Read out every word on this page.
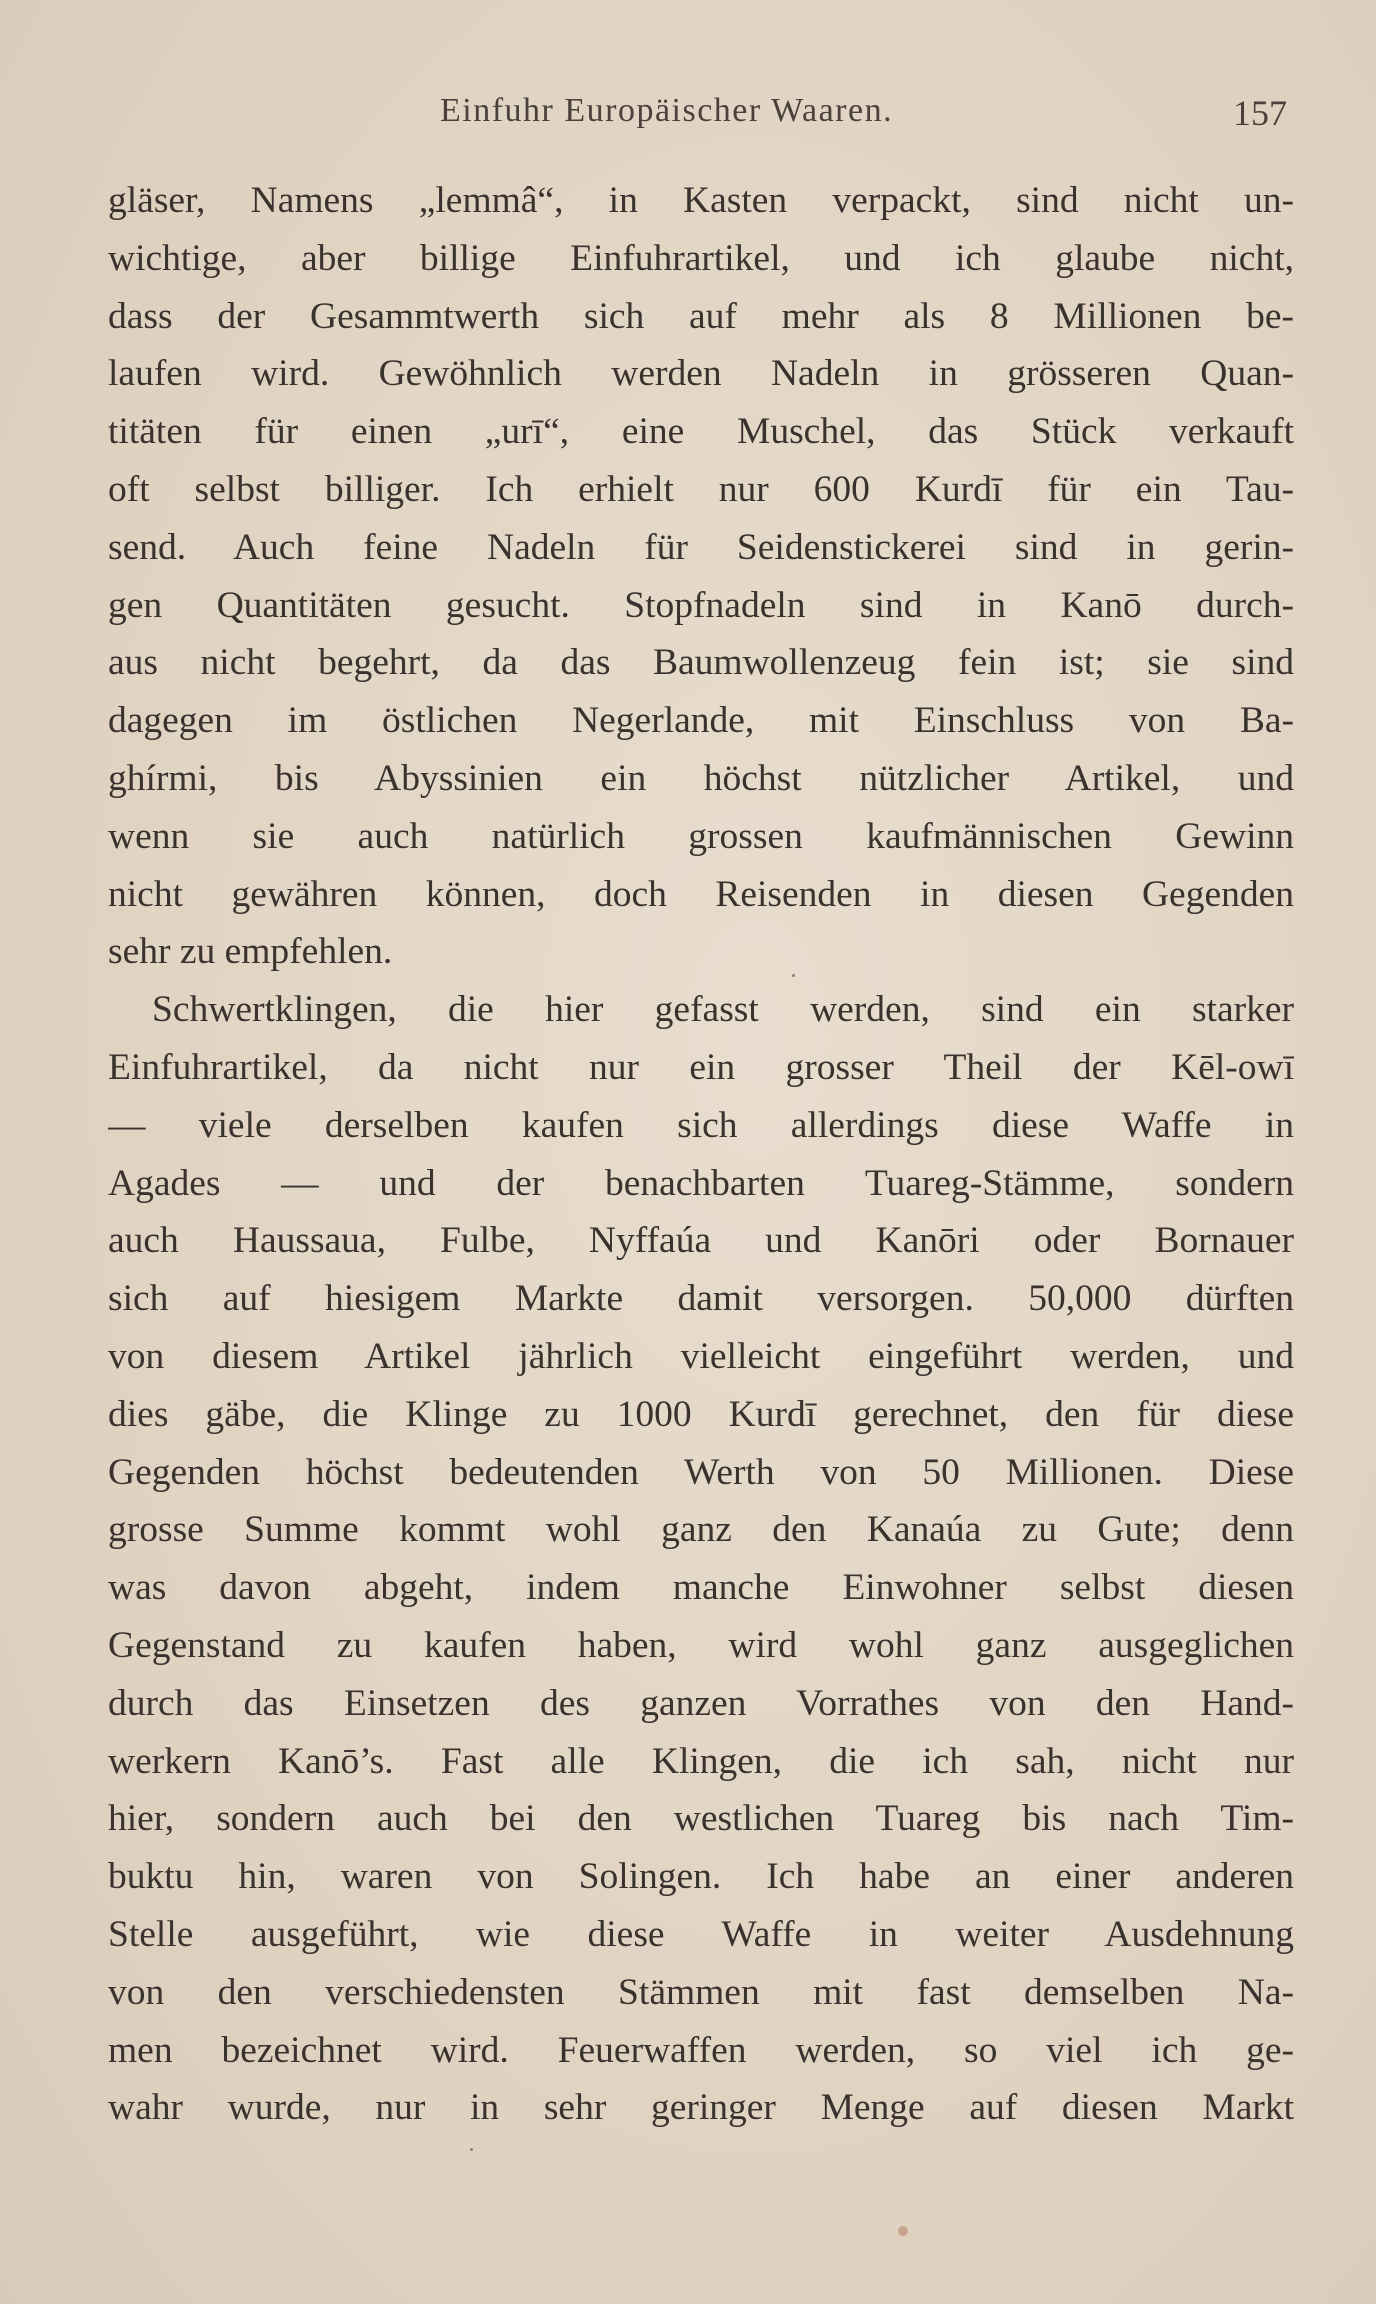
Einfuhr Europäischer Waaren.	157
gläser, Namens „lemmâ“, in Kasten verpackt, sind nicht un-
wichtige, aber billige Einfuhrartikel, und ich glaube nicht,
dass der Gesammtwerth sich auf mehr als 8 Millionen be-
laufen wird. Gewöhnlich werden Nadeln in grösseren Quan-
titäten für einen „urī“, eine Muschel, das Stück verkauft
oft selbst billiger. Ich erhielt nur 600 Kurdī für ein Tau-
send. Auch feine Nadeln für Seidenstickerei sind in gerin-
gen Quantitäten gesucht. Stopfnadeln sind in Kanō durch-
aus nicht begehrt, da das Baumwollenzeug fein ist; sie sind
dagegen im östlichen Negerlande, mit Einschluss von Ba-
ghírmi, bis Abyssinien ein höchst nützlicher Artikel, und
wenn sie auch natürlich grossen kaufmännischen Gewinn
nicht gewähren können, doch Reisenden in diesen Gegenden
sehr zu empfehlen.
Schwertklingen, die hier gefasst werden, sind ein starker
Einfuhrartikel, da nicht nur ein grosser Theil der Kēl-owī
— viele derselben kaufen sich allerdings diese Waffe in
Agades — und der benachbarten Tuareg-Stämme, sondern
auch Haussaua, Fulbe, Nyffaúa und Kanōri oder Bornauer
sich auf hiesigem Markte damit versorgen. 50,000 dürften
von diesem Artikel jährlich vielleicht eingeführt werden, und
dies gäbe, die Klinge zu 1000 Kurdī gerechnet, den für diese
Gegenden höchst bedeutenden Werth von 50 Millionen. Diese
grosse Summe kommt wohl ganz den Kanaúa zu Gute; denn
was davon abgeht, indem manche Einwohner selbst diesen
Gegenstand zu kaufen haben, wird wohl ganz ausgeglichen
durch das Einsetzen des ganzen Vorrathes von den Hand-
werkern Kanō’s. Fast alle Klingen, die ich sah, nicht nur
hier, sondern auch bei den westlichen Tuareg bis nach Tim-
buktu hin, waren von Solingen. Ich habe an einer anderen
Stelle ausgeführt, wie diese Waffe in weiter Ausdehnung
von den verschiedensten Stämmen mit fast demselben Na-
men bezeichnet wird. Feuerwaffen werden, so viel ich ge-
wahr wurde, nur in sehr geringer Menge auf diesen Markt
